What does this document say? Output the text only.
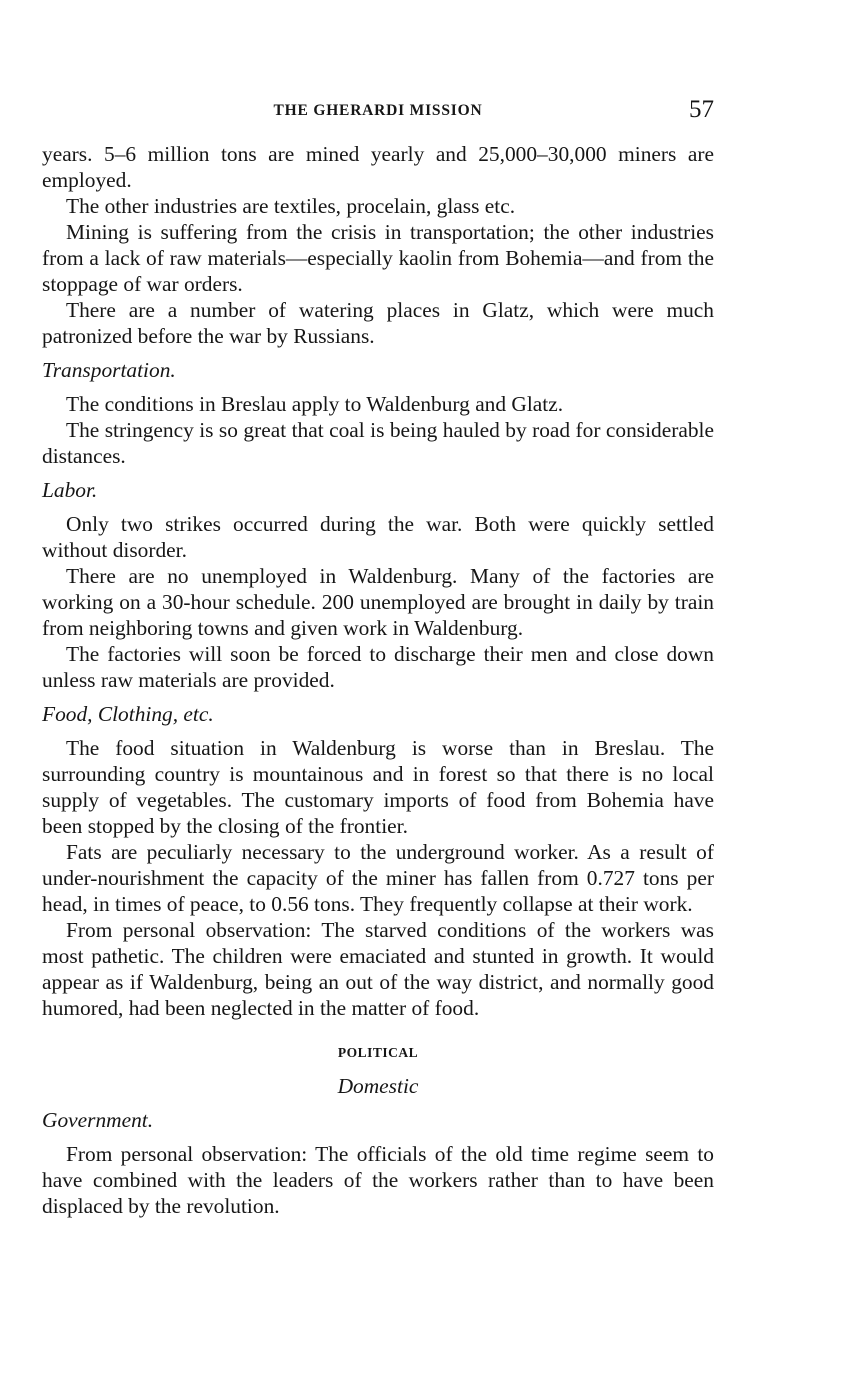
THE GHERARDI MISSION	57

years. 5–6 million tons are mined yearly and 25,000–30,000 miners are employed.

The other industries are textiles, procelain, glass etc.

Mining is suffering from the crisis in transportation; the other industries from a lack of raw materials—especially kaolin from Bohemia—and from the stoppage of war orders.

There are a number of watering places in Glatz, which were much patronized before the war by Russians.

Transportation.

The conditions in Breslau apply to Waldenburg and Glatz.

The stringency is so great that coal is being hauled by road for considerable distances.

Labor.

Only two strikes occurred during the war. Both were quickly settled without disorder.

There are no unemployed in Waldenburg. Many of the factories are working on a 30-hour schedule. 200 unemployed are brought in daily by train from neighboring towns and given work in Waldenburg.

The factories will soon be forced to discharge their men and close down unless raw materials are provided.

Food, Clothing, etc.

The food situation in Waldenburg is worse than in Breslau. The surrounding country is mountainous and in forest so that there is no local supply of vegetables. The customary imports of food from Bohemia have been stopped by the closing of the frontier.

Fats are peculiarly necessary to the underground worker. As a result of under-nourishment the capacity of the miner has fallen from 0.727 tons per head, in times of peace, to 0.56 tons. They frequently collapse at their work.

From personal observation: The starved conditions of the workers was most pathetic. The children were emaciated and stunted in growth. It would appear as if Waldenburg, being an out of the way district, and normally good humored, had been neglected in the matter of food.

POLITICAL

Domestic

Government.

From personal observation: The officials of the old time regime seem to have combined with the leaders of the workers rather than to have been displaced by the revolution.
